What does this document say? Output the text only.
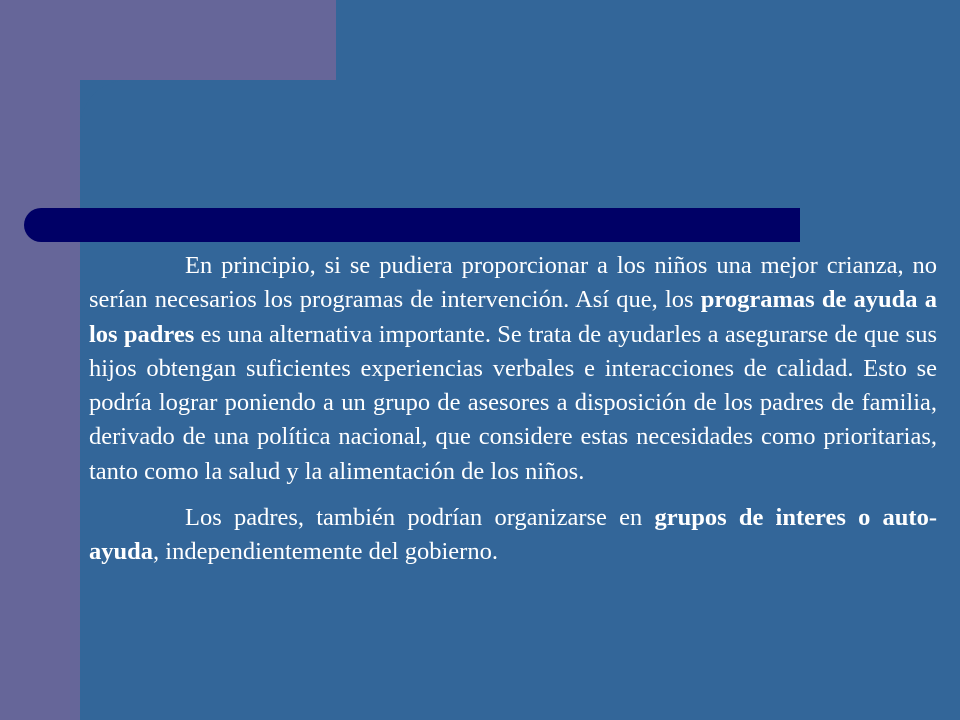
En principio, si se pudiera proporcionar a los niños una mejor crianza, no serían necesarios los programas de intervención. Así que, los programas de ayuda a los padres es una alternativa importante. Se trata de ayudarles a asegurarse de que sus hijos obtengan suficientes experiencias verbales e interacciones de calidad. Esto se podría lograr poniendo a un grupo de asesores a disposición de los padres de familia, derivado de una política nacional, que considere estas necesidades como prioritarias, tanto como la salud y la alimentación de los niños.

Los padres, también podrían organizarse en grupos de interes o auto-ayuda, independientemente del gobierno.
